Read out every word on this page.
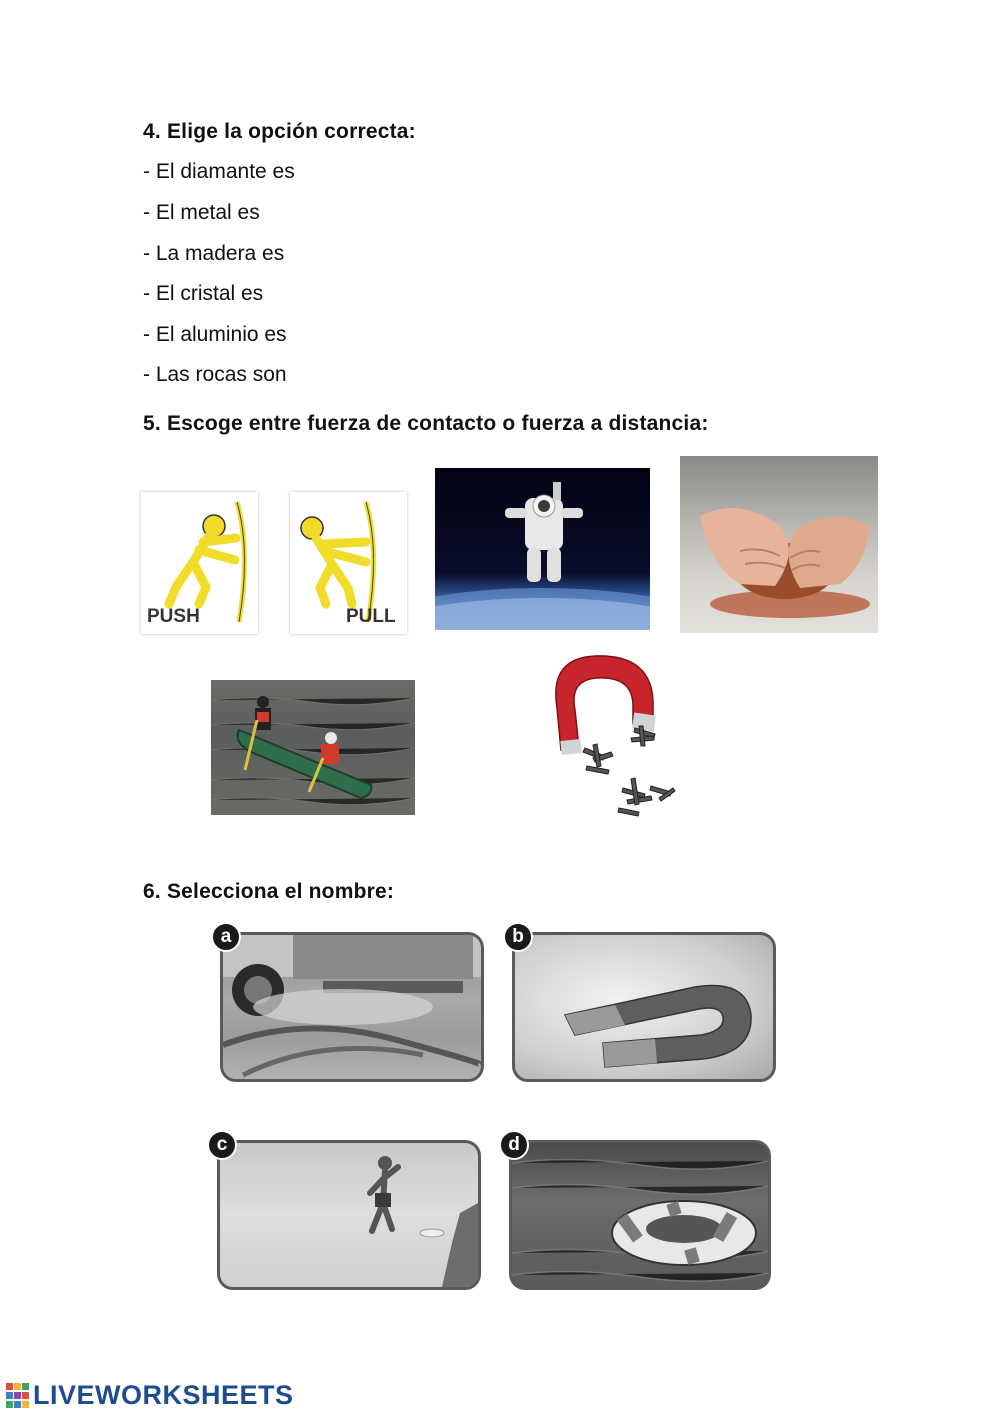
4. Elige la opción correcta:
- El diamante es
- El metal es
- La madera es
- El cristal es
- El aluminio es
- Las rocas son
5. Escoge entre fuerza de contacto o fuerza a distancia:
PUSH	PULL
6. Selecciona el nombre:
a	b
c	d
LIVEWORKSHEETS
